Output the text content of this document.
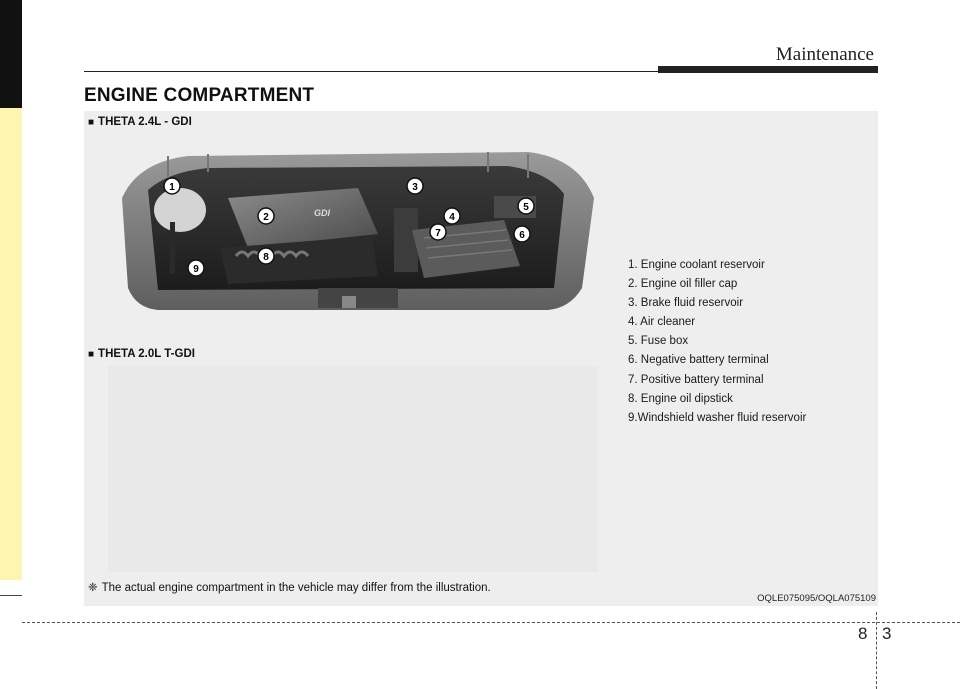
Maintenance
ENGINE COMPARTMENT
■ THETA 2.4L - GDI
GDI
1
2
3
4
5
6
7
8
9
■ THETA 2.0L T-GDI
1. Engine coolant reservoir
2. Engine oil filler cap
3. Brake fluid reservoir
4. Air cleaner
5. Fuse box
6. Negative battery terminal
7. Positive battery terminal
8. Engine oil dipstick
9.Windshield washer fluid reservoir
❈ The actual engine compartment in the vehicle may differ from the illustration.
OQLE075095/OQLA075109
8 3
